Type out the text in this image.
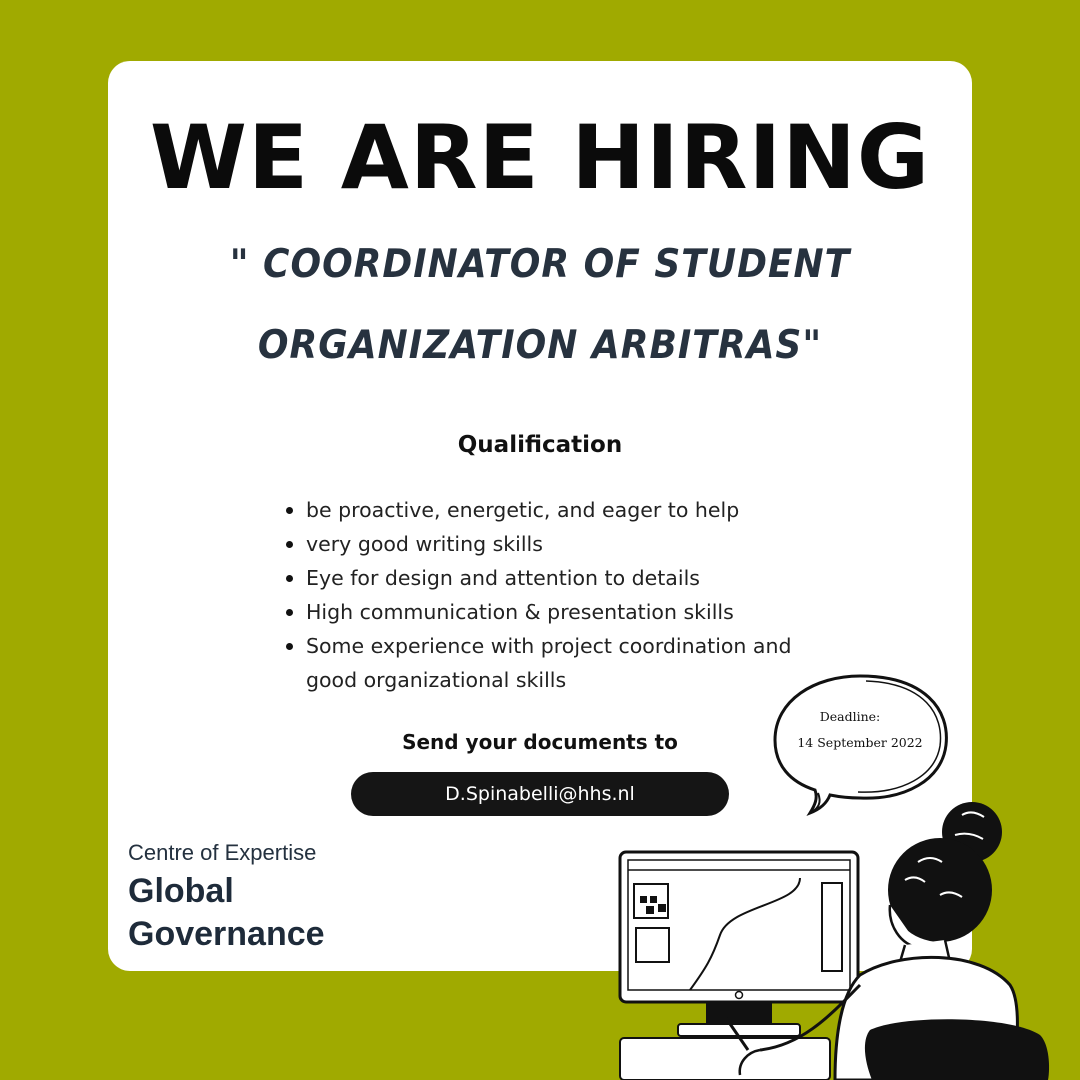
WE ARE HIRING
" COORDINATOR OF STUDENT
ORGANIZATION ARBITRAS"
Qualification
be proactive, energetic, and eager to help
very good writing skills
Eye for design and attention to details
High communication & presentation skills
Some experience with project coordination and good organizational skills
Send your documents to
D.Spinabelli@hhs.nl
Centre of Expertise
Global
Governance
Deadline:
14 September 2022
